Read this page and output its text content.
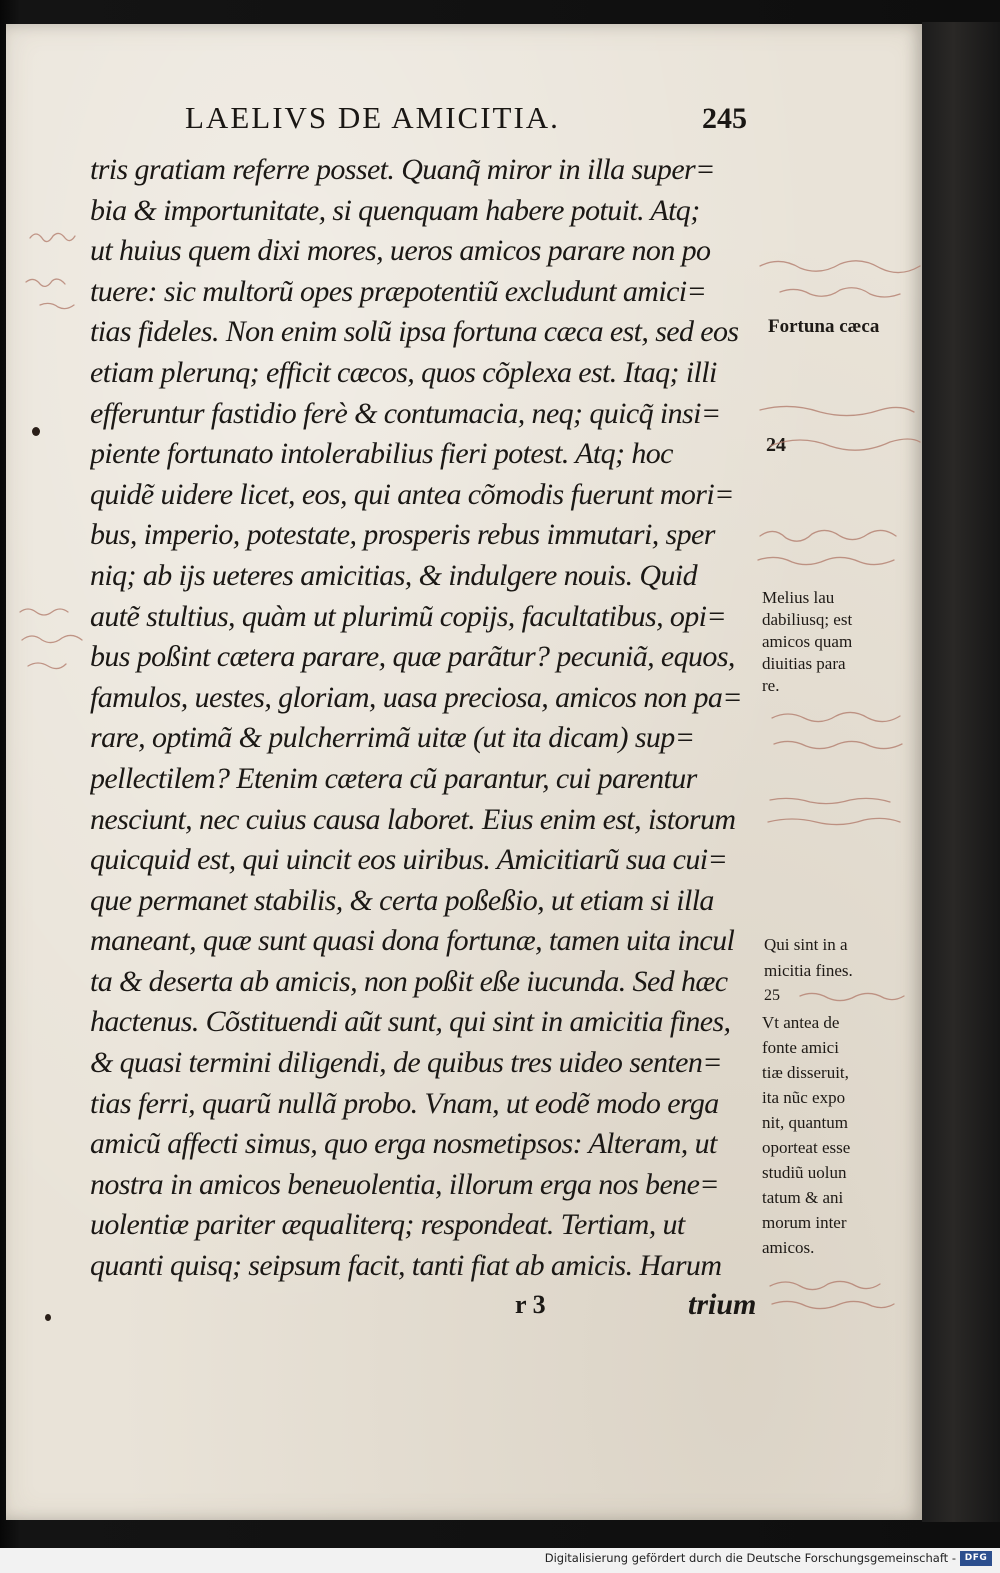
LAELIVS DE AMICITIA.	245
tris gratiam referre posset. Quanq̃ miror in illa super=
bia & importunitate, si quenquam habere potuit. Atq;
ut huius quem dixi mores, ueros amicos parare non po
tuere: sic multorũ opes præpotentiũ excludunt amici=
tias fideles. Non enim solũ ipsa fortuna cæca est, sed eos
etiam plerunq; efficit cæcos, quos cõplexa est. Itaq; illi
efferuntur fastidio ferè & contumacia, neq; quicq̃ insi=
piente fortunato intolerabilius fieri potest. Atq; hoc
quidẽ uidere licet, eos, qui antea cõmodis fuerunt mori=
bus, imperio, potestate, prosperis rebus immutari, sper
niq; ab ijs ueteres amicitias, & indulgere nouis. Quid
autẽ stultius, quàm ut plurimũ copijs, facultatibus, opi=
bus poßint cætera parare, quæ parãtur? pecuniã, equos,
famulos, uestes, gloriam, uasa preciosa, amicos non pa=
rare, optimã & pulcherrimã uitæ (ut ita dicam) sup=
pellectilem? Etenim cætera cũ parantur, cui parentur
nesciunt, nec cuius causa laboret. Eius enim est, istorum
quicquid est, qui uincit eos uiribus. Amicitiarũ sua cui=
que permanet stabilis, & certa poßeßio, ut etiam si illa
maneant, quæ sunt quasi dona fortunæ, tamen uita incul
ta & deserta ab amicis, non poßit eße iucunda. Sed hæc
hactenus. Cõstituendi aũt sunt, qui sint in amicitia fines,
& quasi termini diligendi, de quibus tres uideo senten=
tias ferri, quarũ nullã probo. Vnam, ut eodẽ modo erga
amicũ affecti simus, quo erga nosmetipsos: Alteram, ut
nostra in amicos beneuolentia, illorum erga nos bene=
uolentiæ pariter æqualiterq; respondeat. Tertiam, ut
quanti quisq; seipsum facit, tanti fiat ab amicis. Harum
Fortuna cæca
24
Melius lau
dabiliusq; est
amicos quam
diuitias para
re.
Qui sint in a
micitia fines.
25
Vt antea de
fonte amici
tiæ disseruit,
ita nũc expo
nit, quantum
oporteat esse
studiũ uolun
tatum & ani
morum inter
amicos.
r 3	trium
Digitalisierung gefördert durch die Deutsche Forschungsgemeinschaft - DFG
